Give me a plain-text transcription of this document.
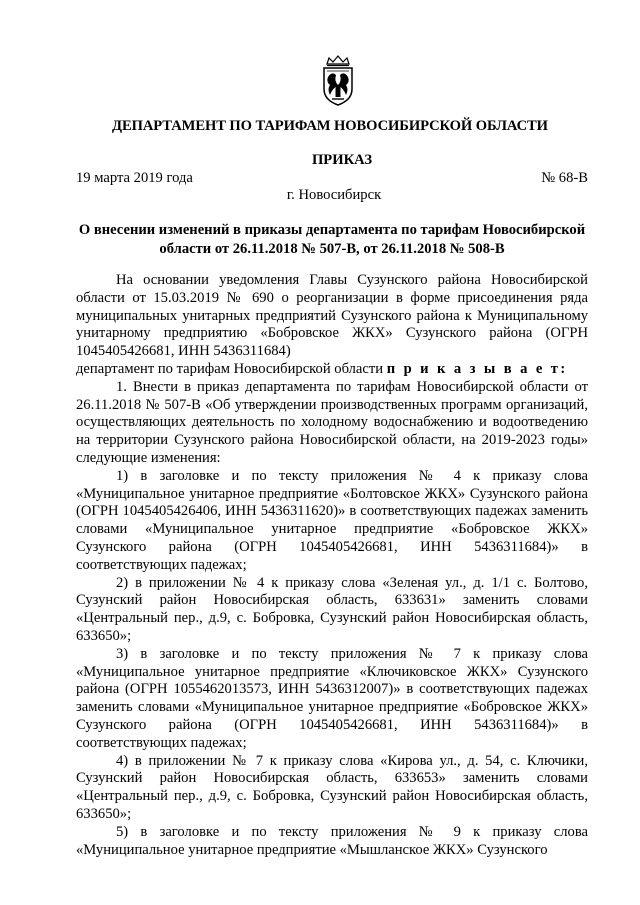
ДЕПАРТАМЕНТ ПО ТАРИФАМ НОВОСИБИРСКОЙ ОБЛАСТИ
ПРИКАЗ
19 марта 2019 года	№ 68-В
г. Новосибирск
О внесении изменений в приказы департамента по тарифам Новосибирской области от 26.11.2018 № 507-В, от 26.11.2018 № 508-В

На основании уведомления Главы Сузунского района Новосибирской области от 15.03.2019 № 690 о реорганизации в форме присоединения ряда муниципальных унитарных предприятий Сузунского района к Муниципальному унитарному предприятию «Бобровское ЖКХ» Сузунского района (ОГРН 1045405426681, ИНН 5436311684)

департамент по тарифам Новосибирской области п р и к а з ы в а е т:

1. Внести в приказ департамента по тарифам Новосибирской области от 26.11.2018 № 507-В «Об утверждении производственных программ организаций, осуществляющих деятельность по холодному водоснабжению и водоотведению на территории Сузунского района Новосибирской области, на 2019-2023 годы» следующие изменения:

1) в заголовке и по тексту приложения № 4 к приказу слова «Муниципальное унитарное предприятие «Болтовское ЖКХ» Сузунского района (ОГРН 1045405426406, ИНН 5436311620)» в соответствующих падежах заменить словами «Муниципальное унитарное предприятие «Бобровское ЖКХ» Сузунского района (ОГРН 1045405426681, ИНН 5436311684)» в соответствующих падежах;

2) в приложении № 4 к приказу слова «Зеленая ул., д. 1/1 с. Болтово, Сузунский район Новосибирская область, 633631» заменить словами «Центральный пер., д.9, с. Бобровка, Сузунский район Новосибирская область, 633650»;

3) в заголовке и по тексту приложения № 7 к приказу слова «Муниципальное унитарное предприятие «Ключиковское ЖКХ» Сузунского района (ОГРН 1055462013573, ИНН 5436312007)» в соответствующих падежах заменить словами «Муниципальное унитарное предприятие «Бобровское ЖКХ» Сузунского района (ОГРН 1045405426681, ИНН 5436311684)» в соответствующих падежах;

4) в приложении № 7 к приказу слова «Кирова ул., д. 54, с. Ключики, Сузунский район Новосибирская область, 633653» заменить словами «Центральный пер., д.9, с. Бобровка, Сузунский район Новосибирская область, 633650»;

5) в заголовке и по тексту приложения № 9 к приказу слова «Муниципальное унитарное предприятие «Мышланское ЖКХ» Сузунского
